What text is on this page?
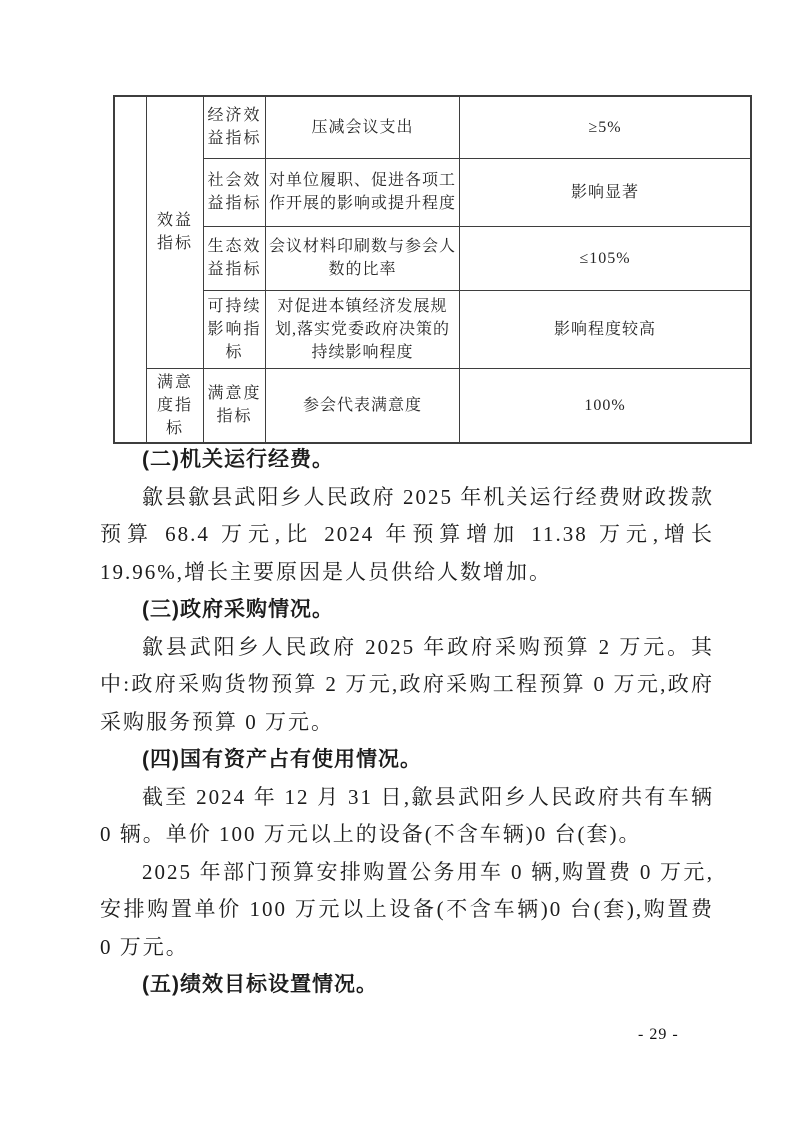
	效益指标	经济效益指标	压减会议支出	≥5%
		社会效益指标	对单位履职、促进各项工作开展的影响或提升程度	影响显著
		生态效益指标	会议材料印刷数与参会人数的比率	≤105%
		可持续影响指标	对促进本镇经济发展规划,落实党委政府决策的持续影响程度	影响程度较高
	满意度指标	满意度指标	参会代表满意度	100%

(二)机关运行经费。

歙县歙县武阳乡人民政府 2025 年机关运行经费财政拨款预算 68.4 万元,比 2024 年预算增加 11.38 万元,增长 19.96%,增长主要原因是人员供给人数增加。

(三)政府采购情况。

歙县武阳乡人民政府 2025 年政府采购预算 2 万元。其中:政府采购货物预算 2 万元,政府采购工程预算 0 万元,政府采购服务预算 0 万元。

(四)国有资产占有使用情况。

截至 2024 年 12 月 31 日,歙县武阳乡人民政府共有车辆 0 辆。单价 100 万元以上的设备(不含车辆)0 台(套)。

2025 年部门预算安排购置公务用车 0 辆,购置费 0 万元,安排购置单价 100 万元以上设备(不含车辆)0 台(套),购置费 0 万元。

(五)绩效目标设置情况。

- 29 -
